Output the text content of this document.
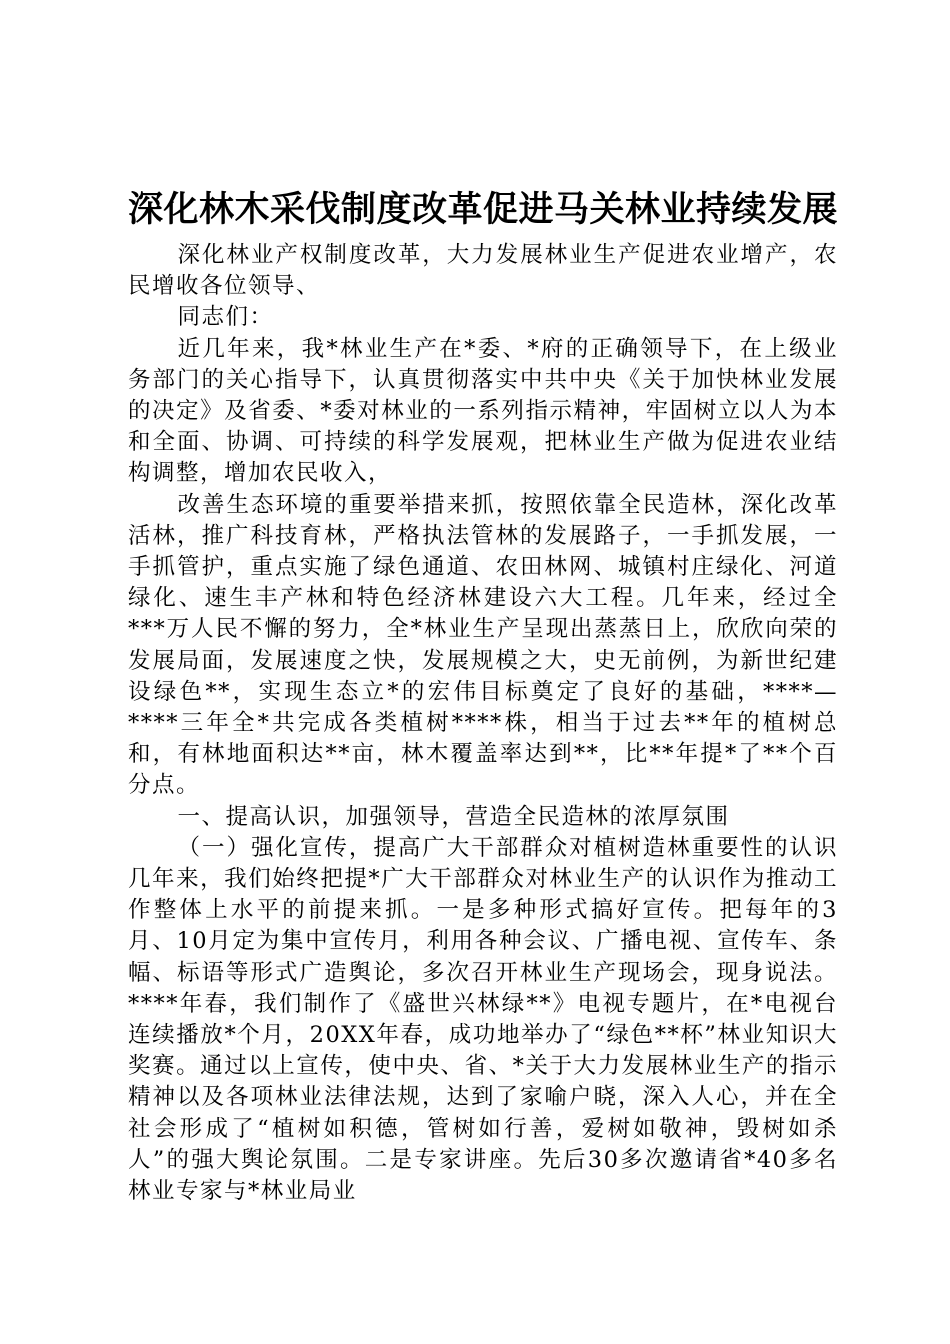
深化林木采伐制度改革促进马关林业持续发展

深化林业产权制度改革，大力发展林业生产促进农业增产，农民增收各位领导、

同志们：

近几年来，我*林业生产在*委、*府的正确领导下，在上级业务部门的关心指导下，认真贯彻落实中共中央《关于加快林业发展的决定》及省委、*委对林业的一系列指示精神，牢固树立以人为本和全面、协调、可持续的科学发展观，把林业生产做为促进农业结构调整，增加农民收入，

改善生态环境的重要举措来抓，按照依靠全民造林，深化改革活林，推广科技育林，严格执法管林的发展路子，一手抓发展，一手抓管护，重点实施了绿色通道、农田林网、城镇村庄绿化、河道绿化、速生丰产林和特色经济林建设六大工程。几年来，经过全***万人民不懈的努力，全*林业生产呈现出蒸蒸日上，欣欣向荣的发展局面，发展速度之快，发展规模之大，史无前例，为新世纪建设绿色**，实现生态立*的宏伟目标奠定了良好的基础，****—****三年全*共完成各类植树****株，相当于过去**年的植树总和，有林地面积达**亩，林木覆盖率达到**，比**年提*了**个百分点。

一、提高认识，加强领导，营造全民造林的浓厚氛围

（一）强化宣传，提高广大干部群众对植树造林重要性的认识几年来，我们始终把提*广大干部群众对林业生产的认识作为推动工作整体上水平的前提来抓。一是多种形式搞好宣传。把每年的3月、10月定为集中宣传月，利用各种会议、广播电视、宣传车、条幅、标语等形式广造舆论，多次召开林业生产现场会，现身说法。****年春，我们制作了《盛世兴林绿**》电视专题片，在*电视台连续播放*个月，20XX年春，成功地举办了“绿色**杯”林业知识大奖赛。通过以上宣传，使中央、省、*关于大力发展林业生产的指示精神以及各项林业法律法规，达到了家喻户晓，深入人心，并在全社会形成了“植树如积德，管树如行善，爱树如敬神，毁树如杀人”的强大舆论氛围。二是专家讲座。先后30多次邀请省*40多名林业专家与*林业局业
